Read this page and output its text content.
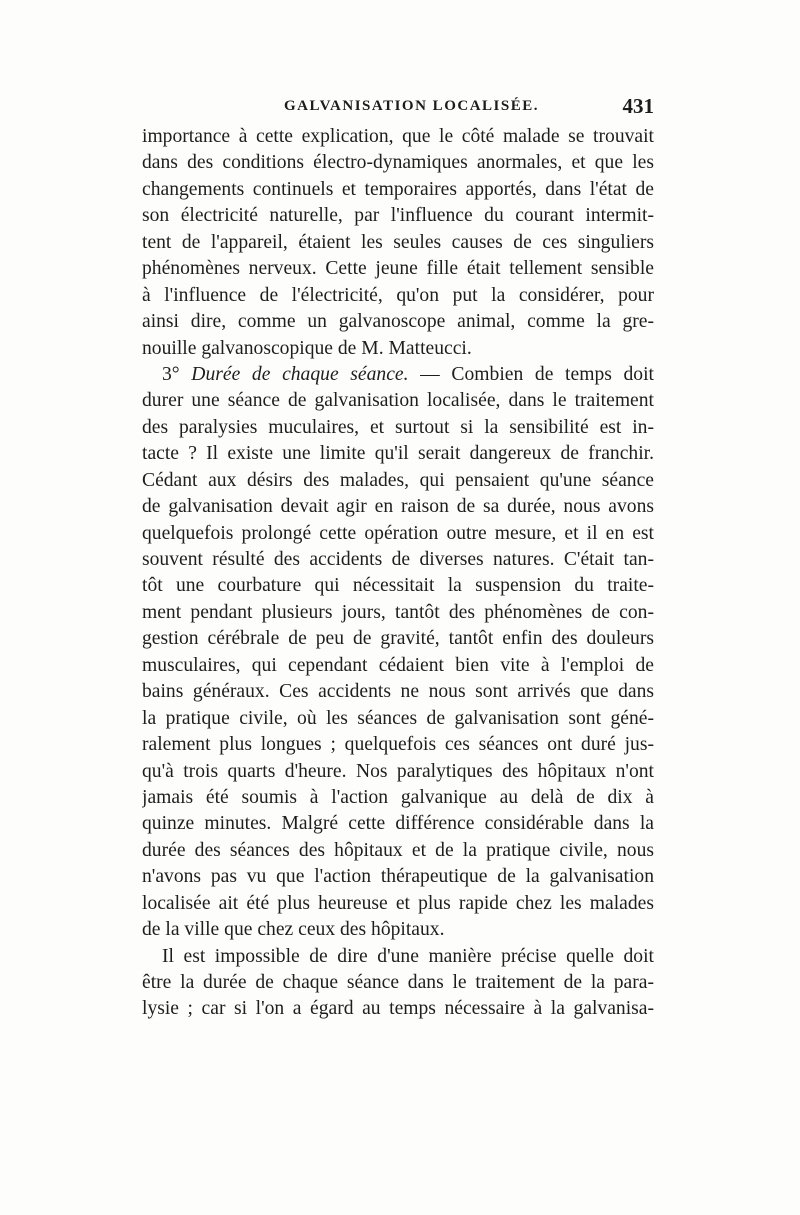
GALVANISATION LOCALISÉE.	431
importance à cette explication, que le côté malade se trouvait
dans des conditions électro-dynamiques anormales, et que les
changements continuels et temporaires apportés, dans l'état de
son électricité naturelle, par l'influence du courant intermit-
tent de l'appareil, étaient les seules causes de ces singuliers
phénomènes nerveux. Cette jeune fille était tellement sensible
à l'influence de l'électricité, qu'on put la considérer, pour
ainsi dire, comme un galvanoscope animal, comme la gre-
nouille galvanoscopique de M. Matteucci.
3° Durée de chaque séance. — Combien de temps doit
durer une séance de galvanisation localisée, dans le traitement
des paralysies muculaires, et surtout si la sensibilité est in-
tacte ? Il existe une limite qu'il serait dangereux de franchir.
Cédant aux désirs des malades, qui pensaient qu'une séance
de galvanisation devait agir en raison de sa durée, nous avons
quelquefois prolongé cette opération outre mesure, et il en est
souvent résulté des accidents de diverses natures. C'était tan-
tôt une courbature qui nécessitait la suspension du traite-
ment pendant plusieurs jours, tantôt des phénomènes de con-
gestion cérébrale de peu de gravité, tantôt enfin des douleurs
musculaires, qui cependant cédaient bien vite à l'emploi de
bains généraux. Ces accidents ne nous sont arrivés que dans
la pratique civile, où les séances de galvanisation sont géné-
ralement plus longues ; quelquefois ces séances ont duré jus-
qu'à trois quarts d'heure. Nos paralytiques des hôpitaux n'ont
jamais été soumis à l'action galvanique au delà de dix à
quinze minutes. Malgré cette différence considérable dans la
durée des séances des hôpitaux et de la pratique civile, nous
n'avons pas vu que l'action thérapeutique de la galvanisation
localisée ait été plus heureuse et plus rapide chez les malades
de la ville que chez ceux des hôpitaux.
Il est impossible de dire d'une manière précise quelle doit
être la durée de chaque séance dans le traitement de la para-
lysie ; car si l'on a égard au temps nécessaire à la galvanisa-
